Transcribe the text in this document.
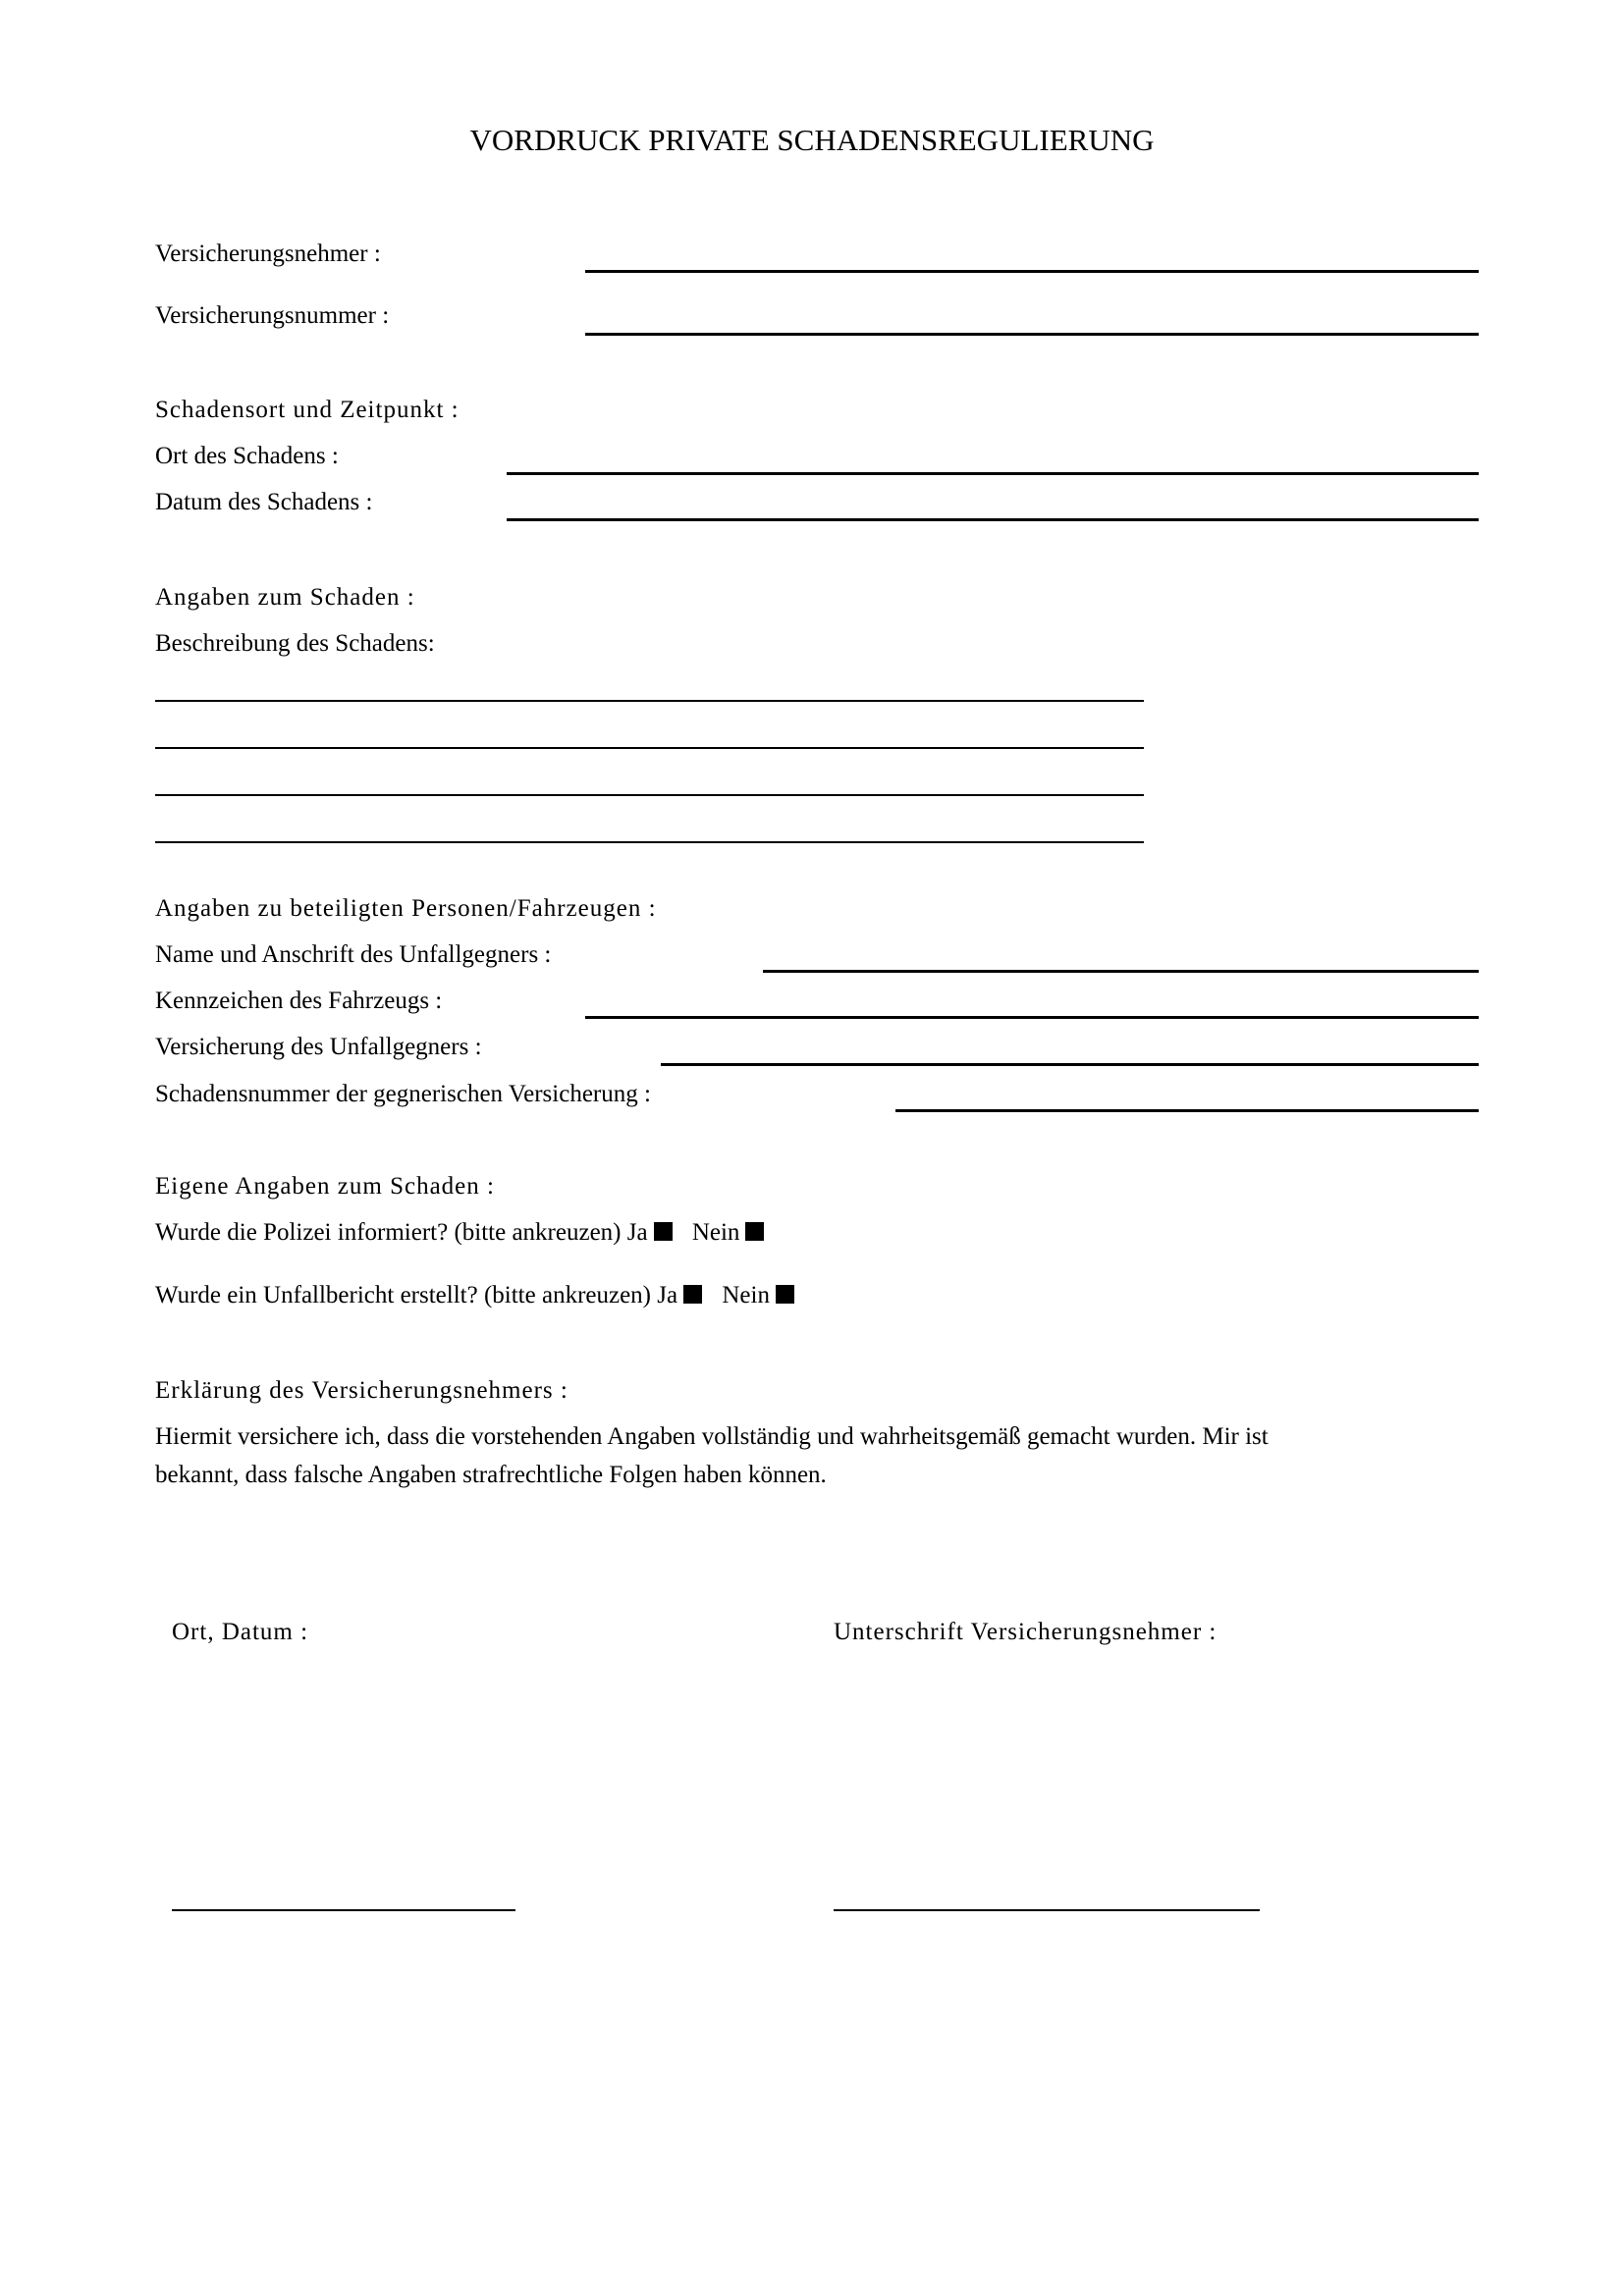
VORDRUCK PRIVATE SCHADENSREGULIERUNG
Versicherungsnehmer :
Versicherungsnummer :
Schadensort und Zeitpunkt :
Ort des Schadens :
Datum des Schadens :
Angaben zum Schaden :
Beschreibung des Schadens:
Angaben zu beteiligten Personen/Fahrzeugen :
Name und Anschrift des Unfallgegners :
Kennzeichen des Fahrzeugs :
Versicherung des Unfallgegners :
Schadensnummer der gegnerischen Versicherung :
Eigene Angaben zum Schaden :
Wurde die Polizei informiert? (bitte ankreuzen) Ja Nein
Wurde ein Unfallbericht erstellt? (bitte ankreuzen) Ja Nein
Erklärung des Versicherungsnehmers :
Hiermit versichere ich, dass die vorstehenden Angaben vollständig und wahrheitsgemäß gemacht wurden. Mir ist
bekannt, dass falsche Angaben strafrechtliche Folgen haben können.
Ort, Datum :	Unterschrift Versicherungsnehmer :
